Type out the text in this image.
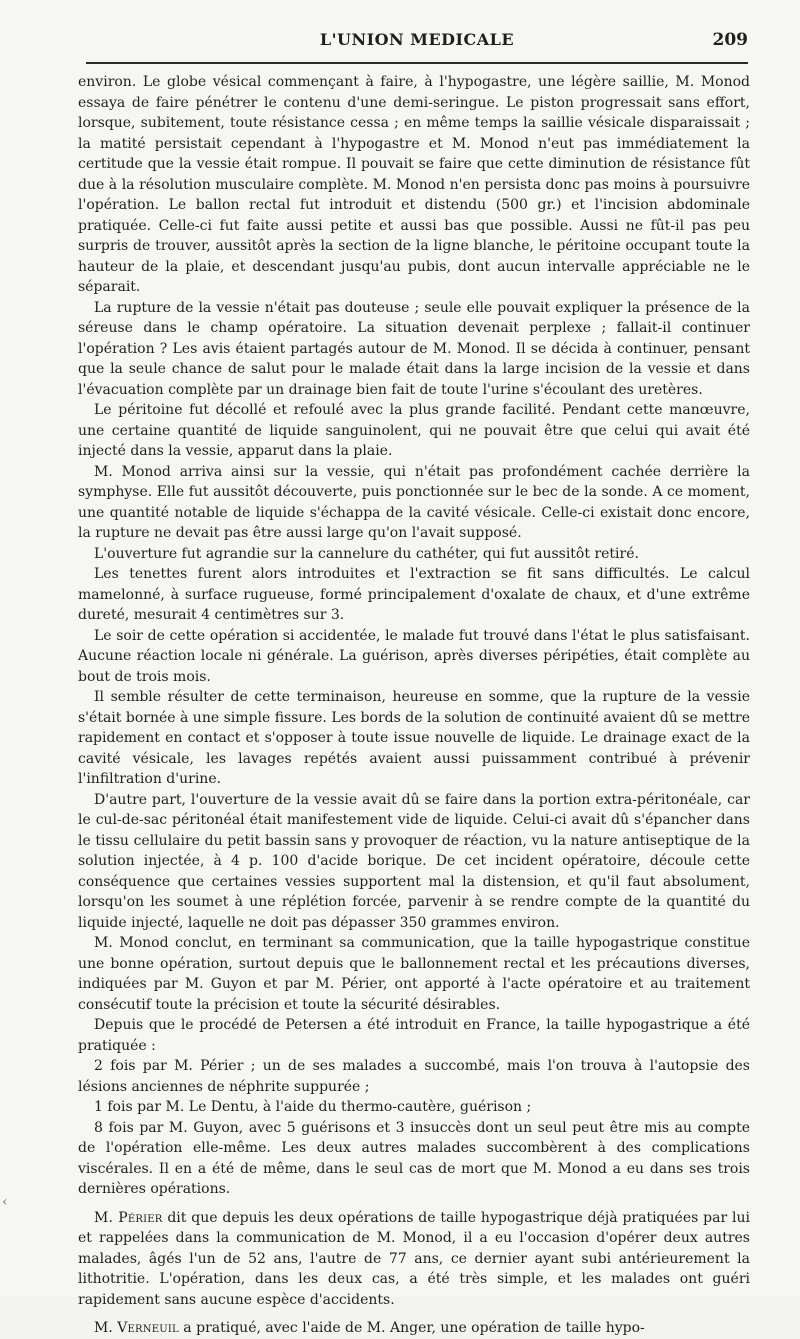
L'UNION MEDICALE	209

environ. Le globe vésical commençant à faire, à l'hypogastre, une légère saillie, M. Monod essaya de faire pénétrer le contenu d'une demi-seringue. Le piston progressait sans effort, lorsque, subitement, toute résistance cessa ; en même temps la saillie vésicale disparaissait ; la matité persistait cependant à l'hypogastre et M. Monod n'eut pas immédiatement la certitude que la vessie était rompue. Il pouvait se faire que cette diminution de résistance fût due à la résolution musculaire complète. M. Monod n'en persista donc pas moins à poursuivre l'opération. Le ballon rectal fut introduit et distendu (500 gr.) et l'incision abdominale pratiquée. Celle-ci fut faite aussi petite et aussi bas que possible. Aussi ne fût-il pas peu surpris de trouver, aussitôt après la section de la ligne blanche, le péritoine occupant toute la hauteur de la plaie, et descendant jusqu'au pubis, dont aucun intervalle appréciable ne le séparait.

La rupture de la vessie n'était pas douteuse ; seule elle pouvait expliquer la présence de la séreuse dans le champ opératoire. La situation devenait perplexe ; fallait-il continuer l'opération ? Les avis étaient partagés autour de M. Monod. Il se décida à continuer, pensant que la seule chance de salut pour le malade était dans la large incision de la vessie et dans l'évacuation complète par un drainage bien fait de toute l'urine s'écoulant des uretères.

Le péritoine fut décollé et refoulé avec la plus grande facilité. Pendant cette manœuvre, une certaine quantité de liquide sanguinolent, qui ne pouvait être que celui qui avait été injecté dans la vessie, apparut dans la plaie.

M. Monod arriva ainsi sur la vessie, qui n'était pas profondément cachée derrière la symphyse. Elle fut aussitôt découverte, puis ponctionnée sur le bec de la sonde. A ce moment, une quantité notable de liquide s'échappa de la cavité vésicale. Celle-ci existait donc encore, la rupture ne devait pas être aussi large qu'on l'avait supposé.

L'ouverture fut agrandie sur la cannelure du cathéter, qui fut aussitôt retiré.

Les tenettes furent alors introduites et l'extraction se fit sans difficultés. Le calcul mamelonné, à surface rugueuse, formé principalement d'oxalate de chaux, et d'une extrême dureté, mesurait 4 centimètres sur 3.

Le soir de cette opération si accidentée, le malade fut trouvé dans l'état le plus satisfaisant. Aucune réaction locale ni générale. La guérison, après diverses péripéties, était complète au bout de trois mois.

Il semble résulter de cette terminaison, heureuse en somme, que la rupture de la vessie s'était bornée à une simple fissure. Les bords de la solution de continuité avaient dû se mettre rapidement en contact et s'opposer à toute issue nouvelle de liquide. Le drainage exact de la cavité vésicale, les lavages repétés avaient aussi puissamment contribué à prévenir l'infiltration d'urine.

D'autre part, l'ouverture de la vessie avait dû se faire dans la portion extra-péritonéale, car le cul-de-sac péritonéal était manifestement vide de liquide. Celui-ci avait dû s'épancher dans le tissu cellulaire du petit bassin sans y provoquer de réaction, vu la nature antiseptique de la solution injectée, à 4 p. 100 d'acide borique. De cet incident opératoire, découle cette conséquence que certaines vessies supportent mal la distension, et qu'il faut absolument, lorsqu'on les soumet à une réplétion forcée, parvenir à se rendre compte de la quantité du liquide injecté, laquelle ne doit pas dépasser 350 grammes environ.

M. Monod conclut, en terminant sa communication, que la taille hypogastrique constitue une bonne opération, surtout depuis que le ballonnement rectal et les précautions diverses, indiquées par M. Guyon et par M. Périer, ont apporté à l'acte opératoire et au traitement consécutif toute la précision et toute la sécurité désirables.

Depuis que le procédé de Petersen a été introduit en France, la taille hypogastrique a été pratiquée :

2 fois par M. Périer ; un de ses malades a succombé, mais l'on trouva à l'autopsie des lésions anciennes de néphrite suppurée ;

1 fois par M. Le Dentu, à l'aide du thermo-cautère, guérison ;

8 fois par M. Guyon, avec 5 guérisons et 3 insuccès dont un seul peut être mis au compte de l'opération elle-même. Les deux autres malades succombèrent à des complications viscérales. Il en a été de même, dans le seul cas de mort que M. Monod a eu dans ses trois dernières opérations.

M. Périer dit que depuis les deux opérations de taille hypogastrique déjà pratiquées par lui et rappelées dans la communication de M. Monod, il a eu l'occasion d'opérer deux autres malades, âgés l'un de 52 ans, l'autre de 77 ans, ce dernier ayant subi antérieurement la lithotritie. L'opération, dans les deux cas, a été très simple, et les malades ont guéri rapidement sans aucune espèce d'accidents.

M. Verneuil a pratiqué, avec l'aide de M. Anger, une opération de taille hypo-

‹
